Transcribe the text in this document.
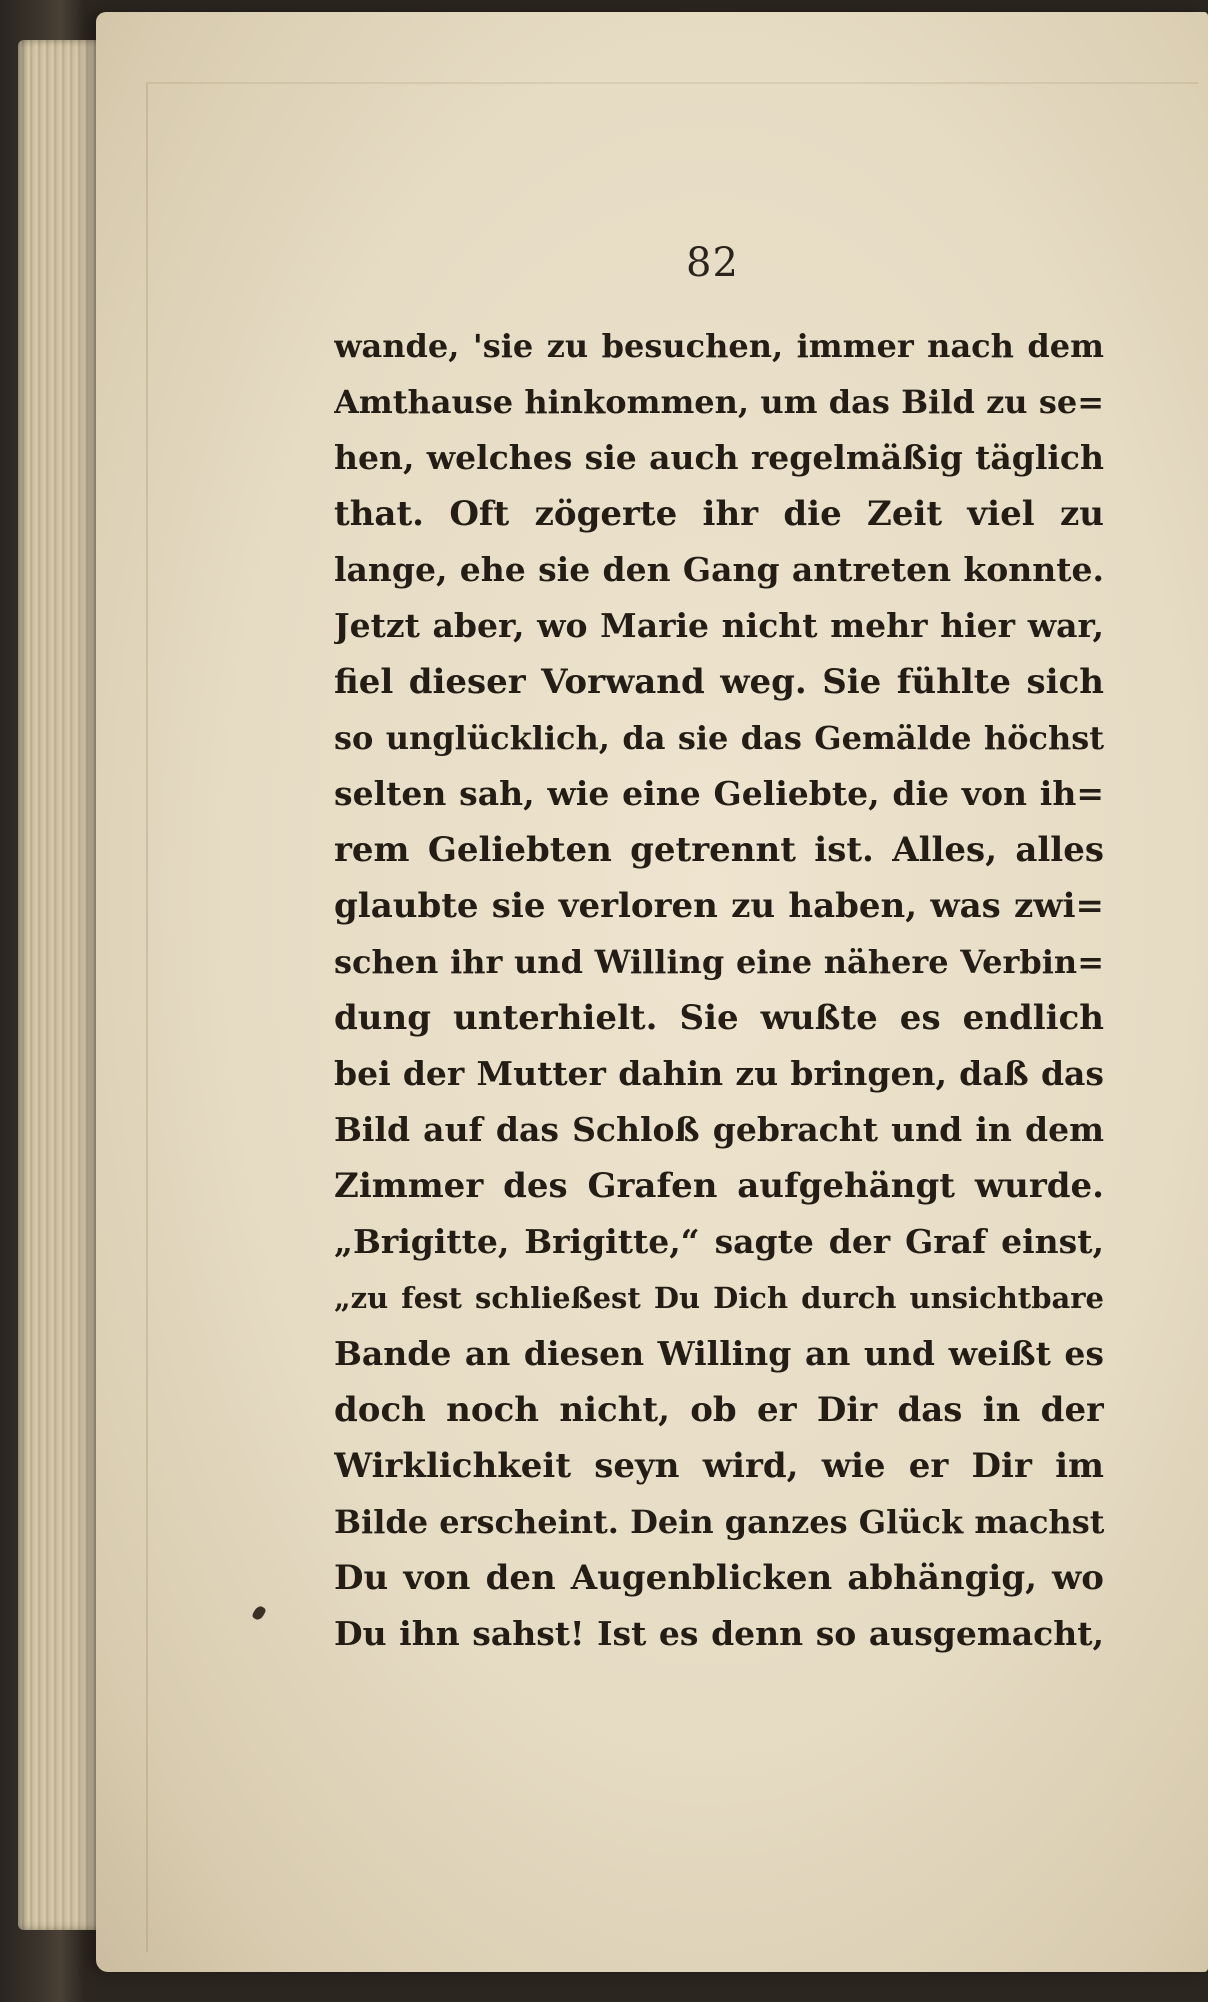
82
wande, 'sie zu besuchen, immer nach dem
Amthause hinkommen, um das Bild zu se=
hen, welches sie auch regelmäßig täglich
that. Oft zögerte ihr die Zeit viel zu
lange, ehe sie den Gang antreten konnte.
Jetzt aber, wo Marie nicht mehr hier war,
fiel dieser Vorwand weg. Sie fühlte sich
so unglücklich, da sie das Gemälde höchst
selten sah, wie eine Geliebte, die von ih=
rem Geliebten getrennt ist. Alles, alles
glaubte sie verloren zu haben, was zwi=
schen ihr und Willing eine nähere Verbin=
dung unterhielt. Sie wußte es endlich
bei der Mutter dahin zu bringen, daß das
Bild auf das Schloß gebracht und in dem
Zimmer des Grafen aufgehängt wurde.
„Brigitte, Brigitte,“ sagte der Graf einst,
„zu fest schließest Du Dich durch unsichtbare
Bande an diesen Willing an und weißt es
doch noch nicht, ob er Dir das in der
Wirklichkeit seyn wird, wie er Dir im
Bilde erscheint. Dein ganzes Glück machst
Du von den Augenblicken abhängig, wo
Du ihn sahst! Ist es denn so ausgemacht,
